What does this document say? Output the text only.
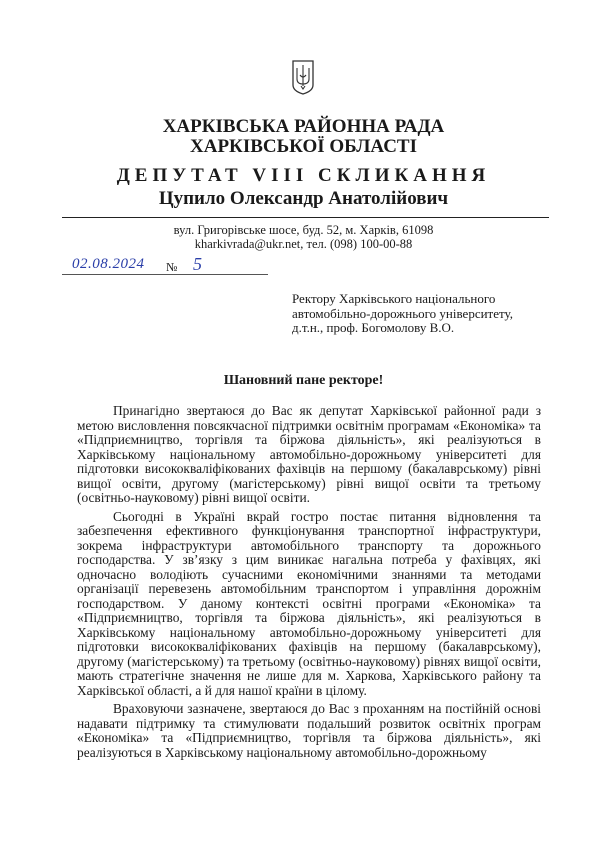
ХАРКІВСЬКА РАЙОННА РАДА
ХАРКІВСЬКОЇ ОБЛАСТІ
ДЕПУТАТ VIII СКЛИКАННЯ
Цупило Олександр Анатолійович
вул. Григорівське шосе, буд. 52, м. Харків, 61098
kharkivrada@ukr.net, тел. (098) 100-00-88
02.08.2024 № 5
Ректору Харківського національного
автомобільно-дорожнього університету,
д.т.н., проф. Богомолову В.О.
Шановний пане ректоре!

Принагідно звертаюся до Вас як депутат Харківської районної ради з метою висловлення повсякчасної підтримки освітнім програмам «Економіка» та «Підприємництво, торгівля та біржова діяльність», які реалізуються в Харківському національному автомобільно-дорожньому університеті для підготовки висококваліфікованих фахівців на першому (бакалаврському) рівні вищої освіти, другому (магістерському) рівні вищої освіти та третьому (освітньо-науковому) рівні вищої освіти.

Сьогодні в Україні вкрай гостро постає питання відновлення та забезпечення ефективного функціонування транспортної інфраструктури, зокрема інфраструктури автомобільного транспорту та дорожнього господарства. У зв’язку з цим виникає нагальна потреба у фахівцях, які одночасно володіють сучасними економічними знаннями та методами організації перевезень автомобільним транспортом і управління дорожнім господарством. У даному контексті освітні програми «Економіка» та «Підприємництво, торгівля та біржова діяльність», які реалізуються в Харківському національному автомобільно-дорожньому університеті для підготовки висококваліфікованих фахівців на першому (бакалаврському), другому (магістерському) та третьому (освітньо-науковому) рівнях вищої освіти, мають стратегічне значення не лише для м. Харкова, Харківського району та Харківської області, а й для нашої країни в цілому.

Враховуючи зазначене, звертаюся до Вас з проханням на постійній основі надавати підтримку та стимулювати подальший розвиток освітніх програм «Економіка» та «Підприємництво, торгівля та біржова діяльність», які реалізуються в Харківському національному автомобільно-дорожньому
